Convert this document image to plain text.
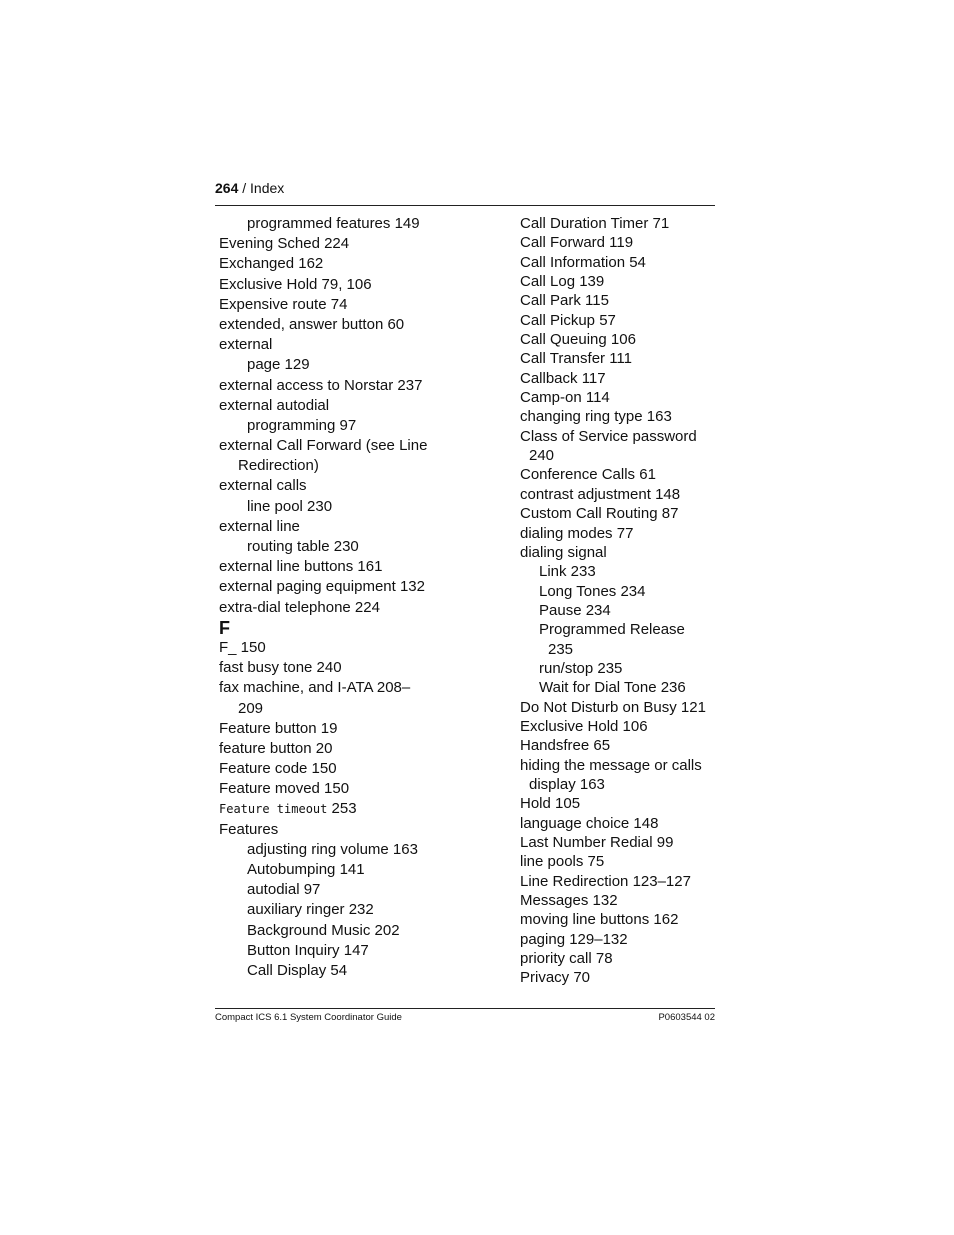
264 / Index
programmed features 149
Evening Sched 224
Exchanged 162
Exclusive Hold 79, 106
Expensive route 74
extended, answer button 60
external
page 129
external access to Norstar 237
external autodial
programming 97
external Call Forward (see Line
Redirection)
external calls
line pool 230
external line
routing table 230
external line buttons 161
external paging equipment 132
extra-dial telephone 224
F
F_ 150
fast busy tone 240
fax machine, and I-ATA 208–
209
Feature button 19
feature button 20
Feature code 150
Feature moved 150
Feature timeout 253
Features
adjusting ring volume 163
Autobumping 141
autodial 97
auxiliary ringer 232
Background Music 202
Button Inquiry 147
Call Display 54
Call Duration Timer 71
Call Forward 119
Call Information 54
Call Log 139
Call Park 115
Call Pickup 57
Call Queuing 106
Call Transfer 111
Callback 117
Camp-on 114
changing ring type 163
Class of Service password
240
Conference Calls 61
contrast adjustment 148
Custom Call Routing 87
dialing modes 77
dialing signal
Link 233
Long Tones 234
Pause 234
Programmed Release
235
run/stop 235
Wait for Dial Tone 236
Do Not Disturb on Busy 121
Exclusive Hold 106
Handsfree 65
hiding the message or calls
display 163
Hold 105
language choice 148
Last Number Redial 99
line pools 75
Line Redirection 123–127
Messages 132
moving line buttons 162
paging 129–132
priority call 78
Privacy 70
Compact ICS 6.1 System Coordinator Guide	P0603544 02
